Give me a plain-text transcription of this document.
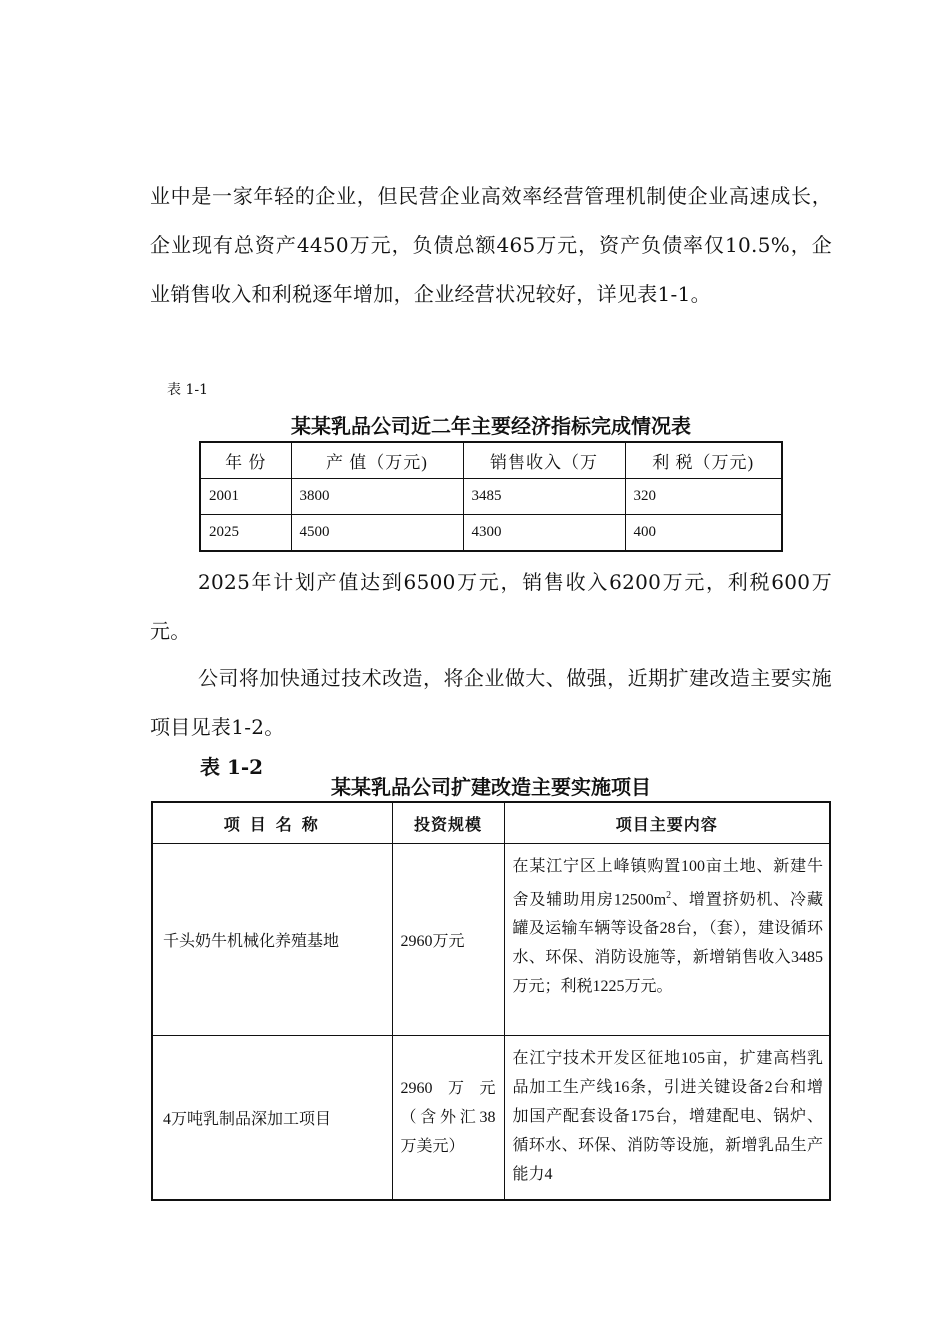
业中是一家年轻的企业，但民营企业高效率经营管理机制使企业高速成长，企业现有总资产4450万元，负债总额465万元，资产负债率仅10.5%，企业销售收入和利税逐年增加，企业经营状况较好，详见表1-1。
表 1-1
某某乳品公司近二年主要经济指标完成情况表
年 份	产 值（万元)	销售收入（万	利 税（万元)
2001	3800	3485	320
2025	4500	4300	400
2025年计划产值达到6500万元，销售收入6200万元，利税600万元。
公司将加快通过技术改造，将企业做大、做强，近期扩建改造主要实施项目见表1-2。
表 1-2
某某乳品公司扩建改造主要实施项目
项 目 名 称	投资规模	项目主要内容
千头奶牛机械化养殖基地	2960万元	在某江宁区上峰镇购置100亩土地、新建牛舍及辅助用房$12500m^2$、增置挤奶机、冷藏罐及运输车辆等设备28台，（套），建设循环水、环保、消防设施等，新增销售收入3485万元；利税1225万元。
4万吨乳制品深加工项目	2960万元（含外汇38万美元）	在江宁技术开发区征地105亩，扩建高档乳品加工生产线16条，引进关键设备2台和增加国产配套设备175台，增建配电、锅炉、循环水、环保、消防等设施，新增乳品生产能力4
